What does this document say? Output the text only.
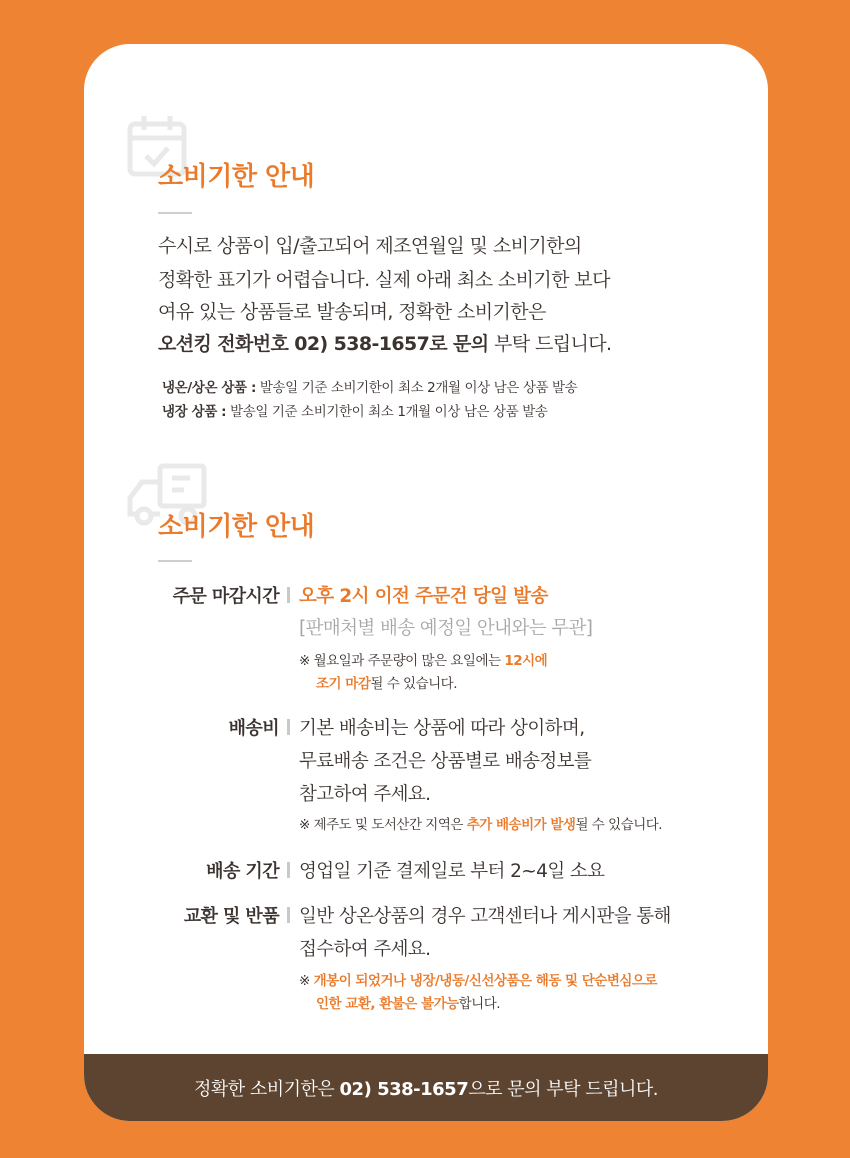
소비기한 안내

수시로 상품이 입/출고되어 제조연월일 및 소비기한의

정확한 표기가 어렵습니다. 실제 아래 최소 소비기한 보다

여유 있는 상품들로 발송되며, 정확한 소비기한은

오션킹 전화번호 02) 538-1657로 문의 부탁 드립니다.

냉온/상온 상품 : 발송일 기준 소비기한이 최소 2개월 이상 남은 상품 발송
냉장 상품 : 발송일 기준 소비기한이 최소 1개월 이상 남은 상품 발송
소비기한 안내
주문 마감시간 오후 2시 이전 주문건 당일 발송
[판매처별 배송 예정일 안내와는 무관]
※ 월요일과 주문량이 많은 요일에는 12시에
조기 마감될 수 있습니다.
배송비 기본 배송비는 상품에 따라 상이하며,
무료배송 조건은 상품별로 배송정보를
참고하여 주세요.
※ 제주도 및 도서산간 지역은 추가 배송비가 발생될 수 있습니다.
배송 기간 영업일 기준 결제일로 부터 2~4일 소요
교환 및 반품 일반 상온상품의 경우 고객센터나 게시판을 통해
접수하여 주세요.
※ 개봉이 되었거나 냉장/냉동/신선상품은 해동 및 단순변심으로
인한 교환, 환불은 불가능합니다.
정확한 소비기한은 02) 538-1657으로 문의 부탁 드립니다.
